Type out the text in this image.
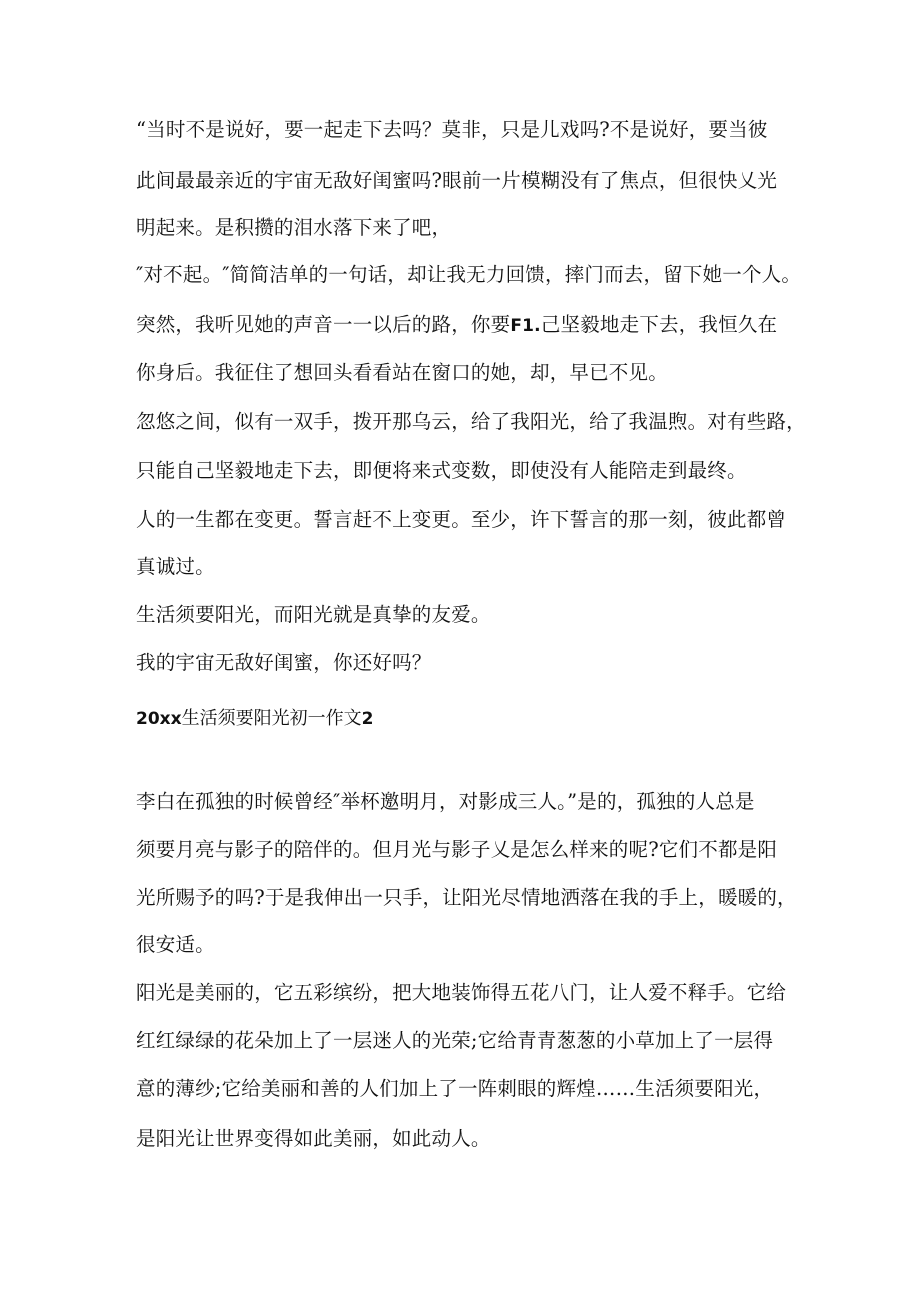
“当时不是说好，要一起走下去吗？莫非，只是儿戏吗?不是说好，要当彼
此间最最亲近的宇宙无敌好闺蜜吗?眼前一片模糊没有了焦点，但很快乂光
明起来。是积攒的泪水落下来了吧，
″对不起。″简简洁单的一句话，却让我无力回馈，摔门而去，留下她一个人。
突然，我听见她的声音一一以后的路，你要F1.己坚毅地走下去，我恒久在
你身后。我征住了想回头看看站在窗口的她，却，早已不见。
忽悠之间，似有一双手，拨开那乌云，给了我阳光，给了我温煦。对有些路，
只能自己坚毅地走下去，即便将来式变数，即使没有人能陪走到最终。
人的一生都在变更。誓言赶不上变更。至少，许下誓言的那一刻，彼此都曾
真诚过。
生活须要阳光，而阳光就是真挚的友爱。
我的宇宙无敌好闺蜜，你还好吗？
20xx生活须要阳光初一作文2
李白在孤独的时候曾经″举杯邀明月，对影成三人。”是的，孤独的人总是
须要月亮与影子的陪伴的。但月光与影子乂是怎么样来的呢?它们不都是阳
光所赐予的吗?于是我伸出一只手，让阳光尽情地洒落在我的手上，暖暖的，
很安适。
阳光是美丽的，它五彩缤纷，把大地装饰得五花八门，让人爱不释手。它给
红红绿绿的花朵加上了一层迷人的光荣;它给青青葱葱的小草加上了一层得
意的薄纱;它给美丽和善的人们加上了一阵刺眼的辉煌……生活须要阳光，
是阳光让世界变得如此美丽，如此动人。
